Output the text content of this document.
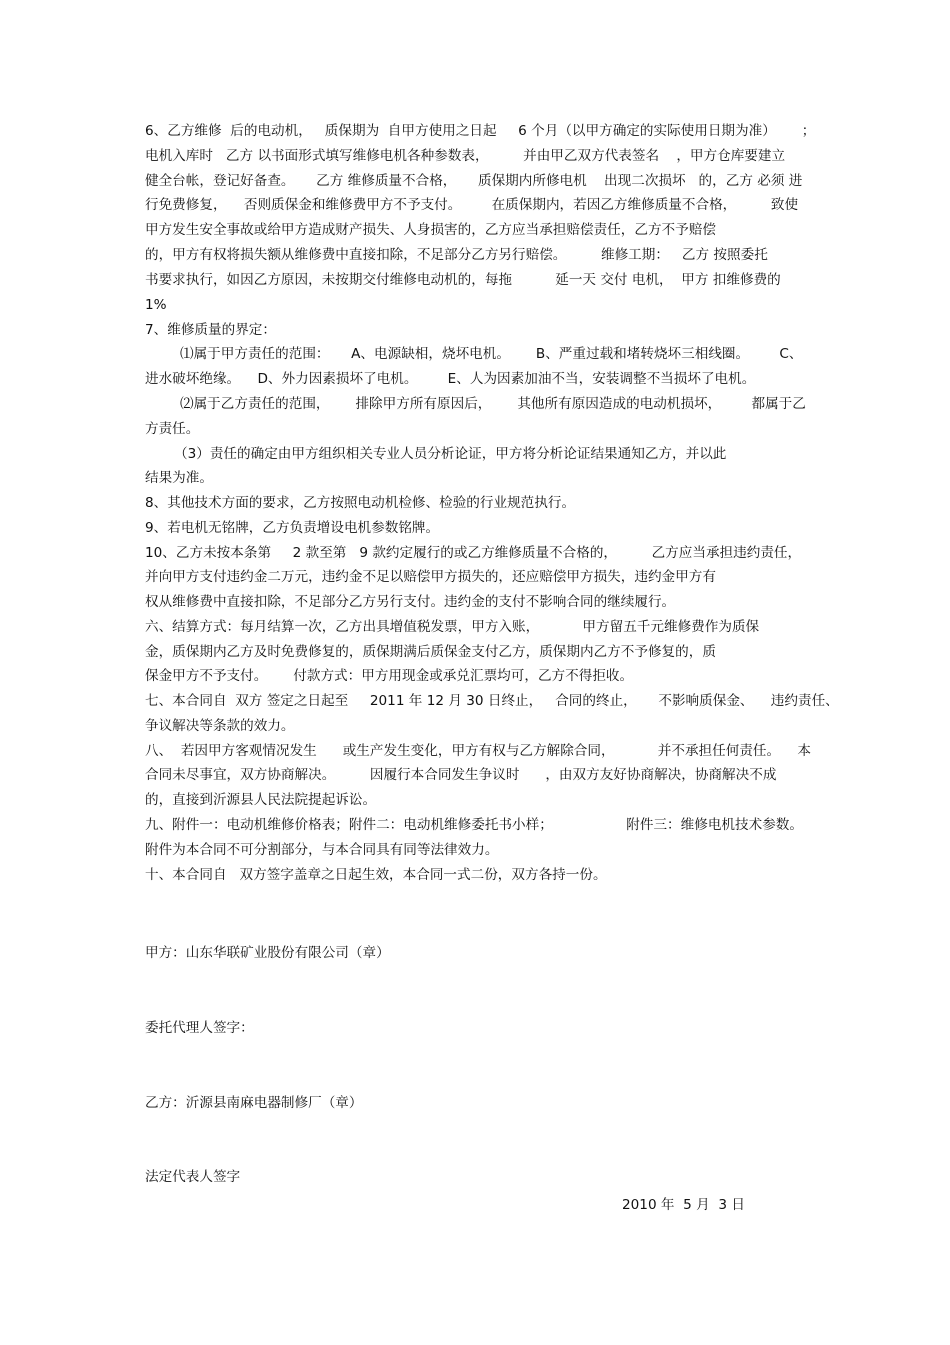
6、乙方维修  后的电动机，   质保期为  自甲方使用之日起     6 个月（以甲方确定的实际使用日期为准）      ；
电机入库时   乙方 以书面形式填写维修电机各种参数表，        并由甲乙双方代表签名    ，甲方仓库要建立
健全台帐，登记好备查。     乙方 维修质量不合格，     质保期内所修电机    出现二次损坏   的，乙方 必须 进
行免费修复，    否则质保金和维修费甲方不予支付。       在质保期内，若因乙方维修质量不合格，        致使
甲方发生安全事故或给甲方造成财产损失、人身损害的，乙方应当承担赔偿责任，乙方不予赔偿
的，甲方有权将损失额从维修费中直接扣除，不足部分乙方另行赔偿。        维修工期：   乙方 按照委托
书要求执行，如因乙方原因，未按期交付维修电动机的，每拖          延一天 交付 电机，  甲方 扣维修费的
1%
7、维修质量的界定：
⑴属于甲方责任的范围：     A、电源缺相，烧坏电机。      B、严重过载和堵转烧坏三相线圈。       C、
进水破坏绝缘。    D、外力因素损坏了电机。       E、人为因素加油不当，安装调整不当损坏了电机。
⑵属于乙方责任的范围，      排除甲方所有原因后，      其他所有原因造成的电动机损坏，       都属于乙
方责任。
（3）责任的确定由甲方组织相关专业人员分析论证，甲方将分析论证结果通知乙方，并以此
结果为准。
8、其他技术方面的要求，乙方按照电动机检修、检验的行业规范执行。
9、若电机无铭牌，乙方负责增设电机参数铭牌。
10、乙方未按本条第     2 款至第   9 款约定履行的或乙方维修质量不合格的，        乙方应当承担违约责任，
并向甲方支付违约金二万元，违约金不足以赔偿甲方损失的，还应赔偿甲方损失，违约金甲方有
权从维修费中直接扣除，不足部分乙方另行支付。违约金的支付不影响合同的继续履行。
六、结算方式：每月结算一次，乙方出具增值税发票，甲方入账，          甲方留五千元维修费作为质保
金，质保期内乙方及时免费修复的，质保期满后质保金支付乙方，质保期内乙方不予修复的，质
保金甲方不予支付。      付款方式：甲方用现金或承兑汇票均可，乙方不得拒收。
七、本合同自  双方 签定之日起至     2011 年 12 月 30 日终止，   合同的终止，     不影响质保金、    违约责任、
争议解决等条款的效力。
八、  若因甲方客观情况发生      或生产发生变化，甲方有权与乙方解除合同，          并不承担任何责任。    本
合同未尽事宜，双方协商解决。        因履行本合同发生争议时      ，由双方友好协商解决，协商解决不成
的，直接到沂源县人民法院提起诉讼。
九、附件一：电动机维修价格表；附件二：电动机维修委托书小样；                 附件三：维修电机技术参数。
附件为本合同不可分割部分，与本合同具有同等法律效力。
十、本合同自   双方签字盖章之日起生效，本合同一式二份，双方各持一份。
甲方：山东华联矿业股份有限公司（章）
委托代理人签字：
乙方：沂源县南麻电器制修厂（章）
法定代表人签字
2010 年  5 月  3 日
